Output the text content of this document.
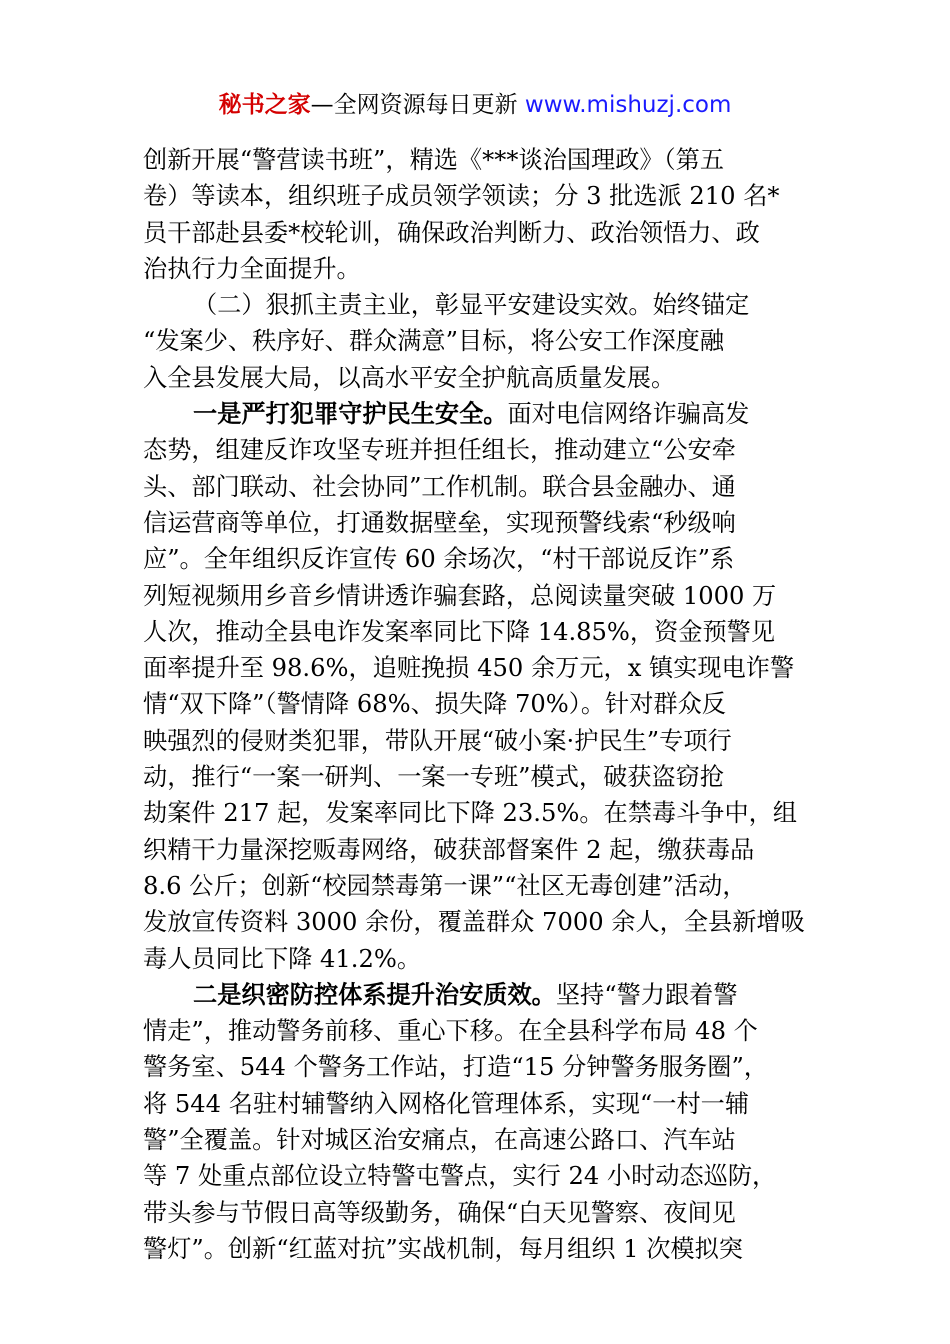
秘书之家—全网资源每日更新 www.mishuzj.com
创新开展“警营读书班”，精选《***谈治国理政》（第五
卷）等读本，组织班子成员领学领读；分 3 批选派 210 名*
员干部赴县委*校轮训，确保政治判断力、政治领悟力、政
治执行力全面提升。
（二）狠抓主责主业，彰显平安建设实效。始终锚定
“发案少、秩序好、群众满意”目标，将公安工作深度融
入全县发展大局，以高水平安全护航高质量发展。
一是严打犯罪守护民生安全。面对电信网络诈骗高发
态势，组建反诈攻坚专班并担任组长，推动建立“公安牵
头、部门联动、社会协同”工作机制。联合县金融办、通
信运营商等单位，打通数据壁垒，实现预警线索“秒级响
应”。全年组织反诈宣传 60 余场次，“村干部说反诈”系
列短视频用乡音乡情讲透诈骗套路，总阅读量突破 1000 万
人次，推动全县电诈发案率同比下降 14.85%，资金预警见
面率提升至 98.6%，追赃挽损 450 余万元，x 镇实现电诈警
情“双下降”（警情降 68%、损失降 70%）。针对群众反
映强烈的侵财类犯罪，带队开展“破小案·护民生”专项行
动，推行“一案一研判、一案一专班”模式，破获盗窃抢
劫案件 217 起，发案率同比下降 23.5%。在禁毒斗争中，组
织精干力量深挖贩毒网络，破获部督案件 2 起，缴获毒品
8.6 公斤；创新“校园禁毒第一课”“社区无毒创建”活动，
发放宣传资料 3000 余份，覆盖群众 7000 余人，全县新增吸
毒人员同比下降 41.2%。
二是织密防控体系提升治安质效。坚持“警力跟着警
情走”，推动警务前移、重心下移。在全县科学布局 48 个
警务室、544 个警务工作站，打造“15 分钟警务服务圈”，
将 544 名驻村辅警纳入网格化管理体系，实现“一村一辅
警”全覆盖。针对城区治安痛点，在高速公路口、汽车站
等 7 处重点部位设立特警屯警点，实行 24 小时动态巡防，
带头参与节假日高等级勤务，确保“白天见警察、夜间见
警灯”。创新“红蓝对抗”实战机制，每月组织 1 次模拟突
